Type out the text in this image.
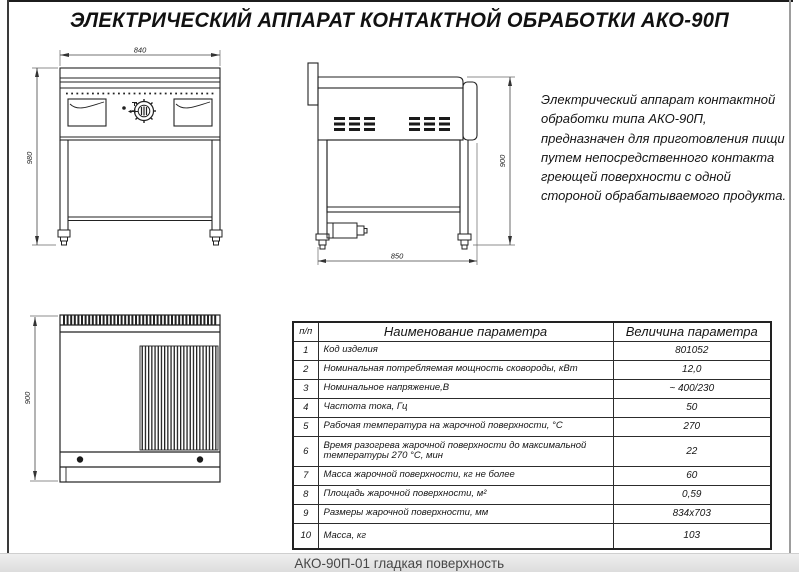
ЭЛЕКТРИЧЕСКИЙ АППАРАТ КОНТАКТНОЙ ОБРАБОТКИ АКО-90П
840
980	900
850
900
Электрический аппарат контактной
обработки типа АКО-90П,
предназначен для приготовления пищи
путем непосредственного контакта
греющей поверхности с одной
стороной обрабатываемого продукта.
п/п	Наименование параметра	Величина параметра
1	Код изделия	801052
2	Номинальная потребляемая мощность сковороды, кВт	12,0
3	Номинальное напряжение,В	~ 400/230
4	Частота тока, Гц	50
5	Рабочая температура на жарочной поверхности, °С	270
6	Время разогрева жарочной поверхности до максимальной температуры 270 °С, мин	22
7	Масса жарочной поверхности, кг не более	60
8	Площадь жарочной поверхности, м²	0,59
9	Размеры жарочной поверхности, мм	834х703
10	Масса, кг	103
АКО-90П-01 гладкая поверхность
